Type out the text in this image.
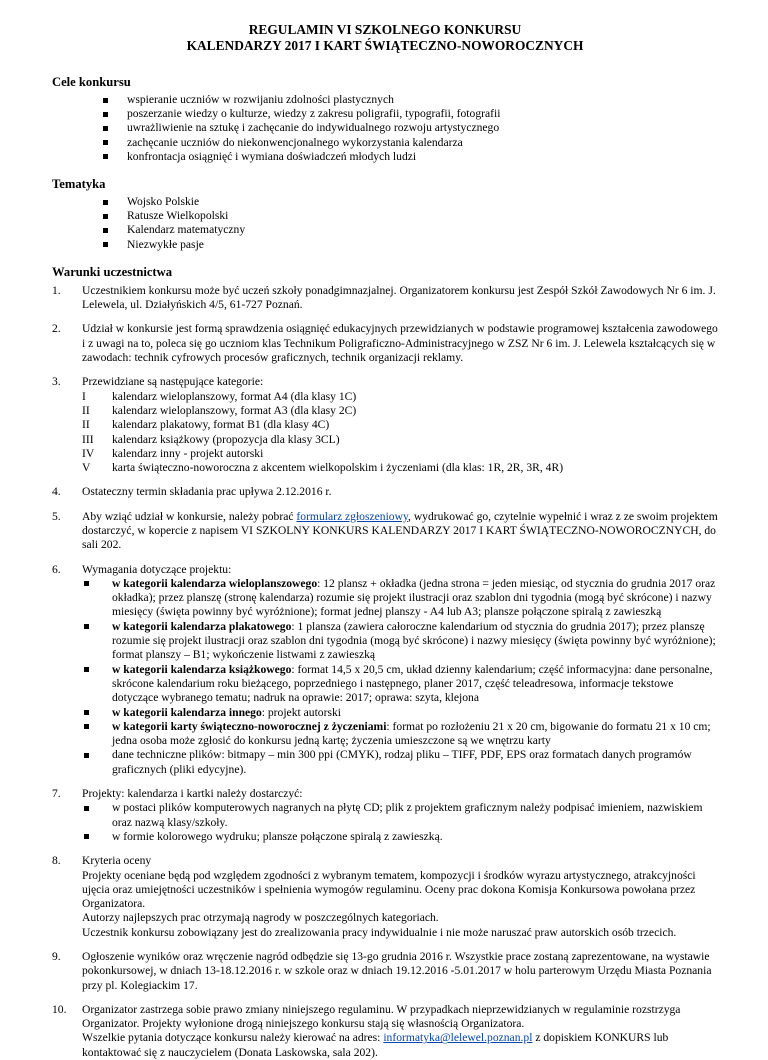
REGULAMIN VI SZKOLNEGO KONKURSU
KALENDARZY 2017 I KART ŚWIĄTECZNO-NOWOROCZNYCH
Cele konkursu
wspieranie uczniów w rozwijaniu zdolności plastycznych
poszerzanie wiedzy o kulturze, wiedzy z zakresu poligrafii, typografii, fotografii
uwrażliwienie na sztukę i zachęcanie do indywidualnego rozwoju artystycznego
zachęcanie uczniów do niekonwencjonalnego wykorzystania kalendarza
konfrontacja osiągnięć i wymiana doświadczeń młodych ludzi
Tematyka
Wojsko Polskie
Ratusze Wielkopolski
Kalendarz matematyczny
Niezwykłe pasje
Warunki uczestnictwa
1. Uczestnikiem konkursu może być uczeń szkoły ponadgimnazjalnej. Organizatorem konkursu jest Zespół Szkół Zawodowych Nr 6 im. J. Lelewela, ul. Działyńskich 4/5, 61-727 Poznań.
2. Udział w konkursie jest formą sprawdzenia osiągnięć edukacyjnych przewidzianych w podstawie programowej kształcenia zawodowego i z uwagi na to, poleca się go uczniom klas Technikum Poligraficzno-Administracyjnego w ZSZ Nr 6 im. J. Lelewela kształcących się w zawodach: technik cyfrowych procesów graficznych, technik organizacji reklamy.
3. Przewidziane są następujące kategorie:
I kalendarz wieloplanszowy, format A4 (dla klasy 1C)
II kalendarz wieloplanszowy, format A3 (dla klasy 2C)
II kalendarz plakatowy, format B1 (dla klasy 4C)
III kalendarz książkowy (propozycja dla klasy 3CL)
IV kalendarz inny - projekt autorski
V karta świąteczno-noworoczna z akcentem wielkopolskim i życzeniami (dla klas: 1R, 2R, 3R, 4R)
4. Ostateczny termin składania prac upływa 2.12.2016 r.
5. Aby wziąć udział w konkursie, należy pobrać formularz zgłoszeniowy, wydrukować go, czytelnie wypełnić i wraz z ze swoim projektem dostarczyć, w kopercie z napisem VI SZKOLNY KONKURS KALENDARZY 2017 I KART ŚWIĄTECZNO-NOWOROCZNYCH, do sali 202.
6. Wymagania dotyczące projektu:
w kategorii kalendarza wieloplanszowego: 12 plansz + okładka (jedna strona = jeden miesiąc, od stycznia do grudnia 2017 oraz okładka); przez planszę (stronę kalendarza) rozumie się projekt ilustracji oraz szablon dni tygodnia (mogą być skrócone) i nazwy miesięcy (święta powinny być wyróżnione); format jednej planszy - A4 lub A3; plansze połączone spiralą z zawieszką
w kategorii kalendarza plakatowego: 1 plansza (zawiera całoroczne kalendarium od stycznia do grudnia 2017); przez planszę rozumie się projekt ilustracji oraz szablon dni tygodnia (mogą być skrócone) i nazwy miesięcy (święta powinny być wyróżnione); format planszy – B1; wykończenie listwami z zawieszką
w kategorii kalendarza książkowego: format 14,5 x 20,5 cm, układ dzienny kalendarium; część informacyjna: dane personalne, skrócone kalendarium roku bieżącego, poprzedniego i następnego, planer 2017, część teleadresowa, informacje tekstowe dotyczące wybranego tematu; nadruk na oprawie: 2017; oprawa: szyta, klejona
w kategorii kalendarza innego: projekt autorski
w kategorii karty świąteczno-noworocznej z życzeniami: format po rozłożeniu 21 x 20 cm, bigowanie do formatu 21 x 10 cm; jedna osoba może zgłosić do konkursu jedną kartę; życzenia umieszczone są we wnętrzu karty
dane techniczne plików: bitmapy – min 300 ppi (CMYK), rodzaj pliku – TIFF, PDF, EPS oraz formatach danych programów graficznych (pliki edycyjne).
7. Projekty: kalendarza i kartki należy dostarczyć:
w postaci plików komputerowych nagranych na płytę CD; plik z projektem graficznym należy podpisać imieniem, nazwiskiem oraz nazwą klasy/szkoły.
w formie kolorowego wydruku; plansze połączone spiralą z zawieszką.
8. Kryteria oceny
Projekty oceniane będą pod względem zgodności z wybranym tematem, kompozycji i środków wyrazu artystycznego, atrakcyjności ujęcia oraz umiejętności uczestników i spełnienia wymogów regulaminu. Oceny prac dokona Komisja Konkursowa powołana przez Organizatora.
Autorzy najlepszych prac otrzymają nagrody w poszczególnych kategoriach.
Uczestnik konkursu zobowiązany jest do zrealizowania pracy indywidualnie i nie może naruszać praw autorskich osób trzecich.
9. Ogłoszenie wyników oraz wręczenie nagród odbędzie się 13-go grudnia 2016 r. Wszystkie prace zostaną zaprezentowane, na wystawie pokonkursowej, w dniach 13-18.12.2016 r. w szkole oraz w dniach 19.12.2016 -5.01.2017 w holu parterowym Urzędu Miasta Poznania przy pl. Kolegiackim 17.
10. Organizator zastrzega sobie prawo zmiany niniejszego regulaminu. W przypadkach nieprzewidzianych w regulaminie rozstrzyga Organizator. Projekty wyłonione drogą niniejszego konkursu stają się własnością Organizatora.
Wszelkie pytania dotyczące konkursu należy kierować na adres: informatyka@lelewel.poznan.pl z dopiskiem KONKURS lub kontaktować się z nauczycielem (Donata Laskowska, sala 202).
